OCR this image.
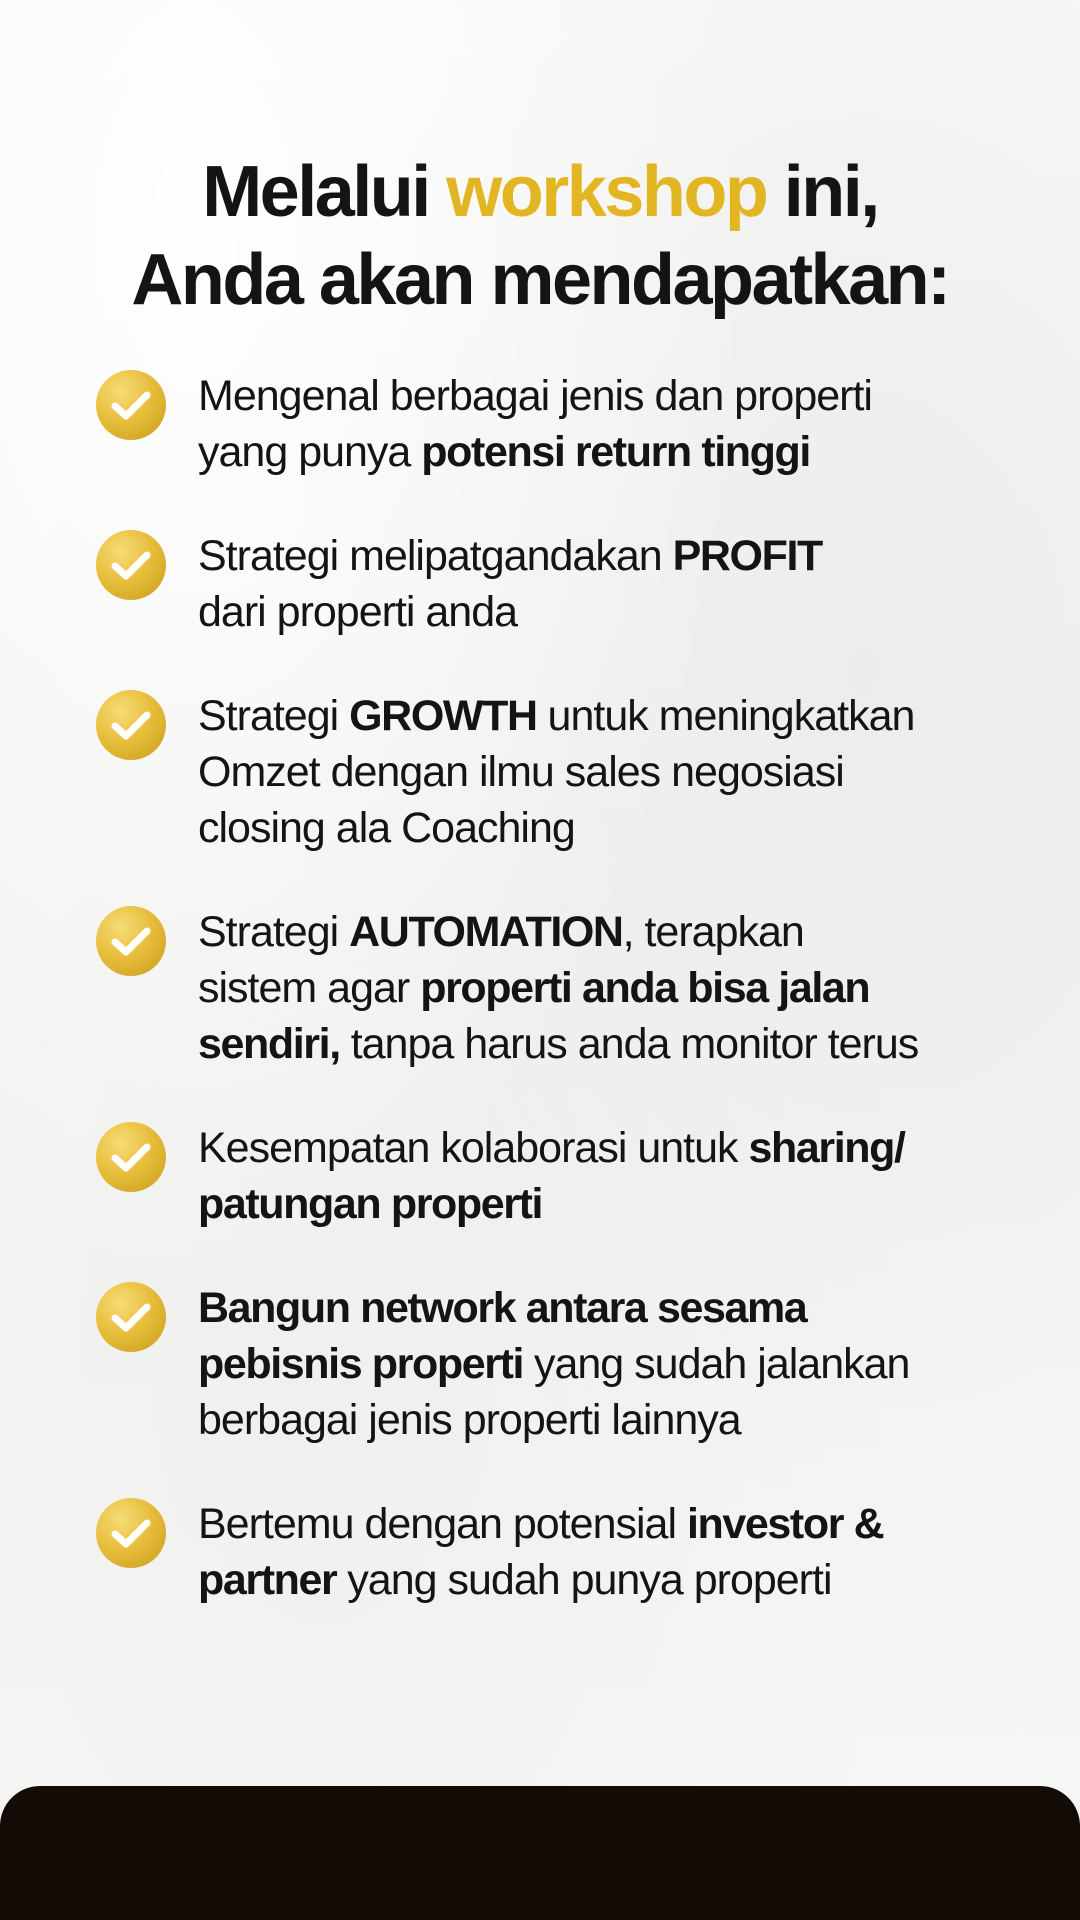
Melalui workshop ini,
Anda akan mendapatkan:
Mengenal berbagai jenis dan properti
yang punya potensi return tinggi
Strategi melipatgandakan PROFIT
dari properti anda
Strategi GROWTH untuk meningkatkan
Omzet dengan ilmu sales negosiasi
closing ala Coaching
Strategi AUTOMATION, terapkan
sistem agar properti anda bisa jalan
sendiri, tanpa harus anda monitor terus
Kesempatan kolaborasi untuk sharing/
patungan properti
Bangun network antara sesama
pebisnis properti yang sudah jalankan
berbagai jenis properti lainnya
Bertemu dengan potensial investor &
partner yang sudah punya properti
